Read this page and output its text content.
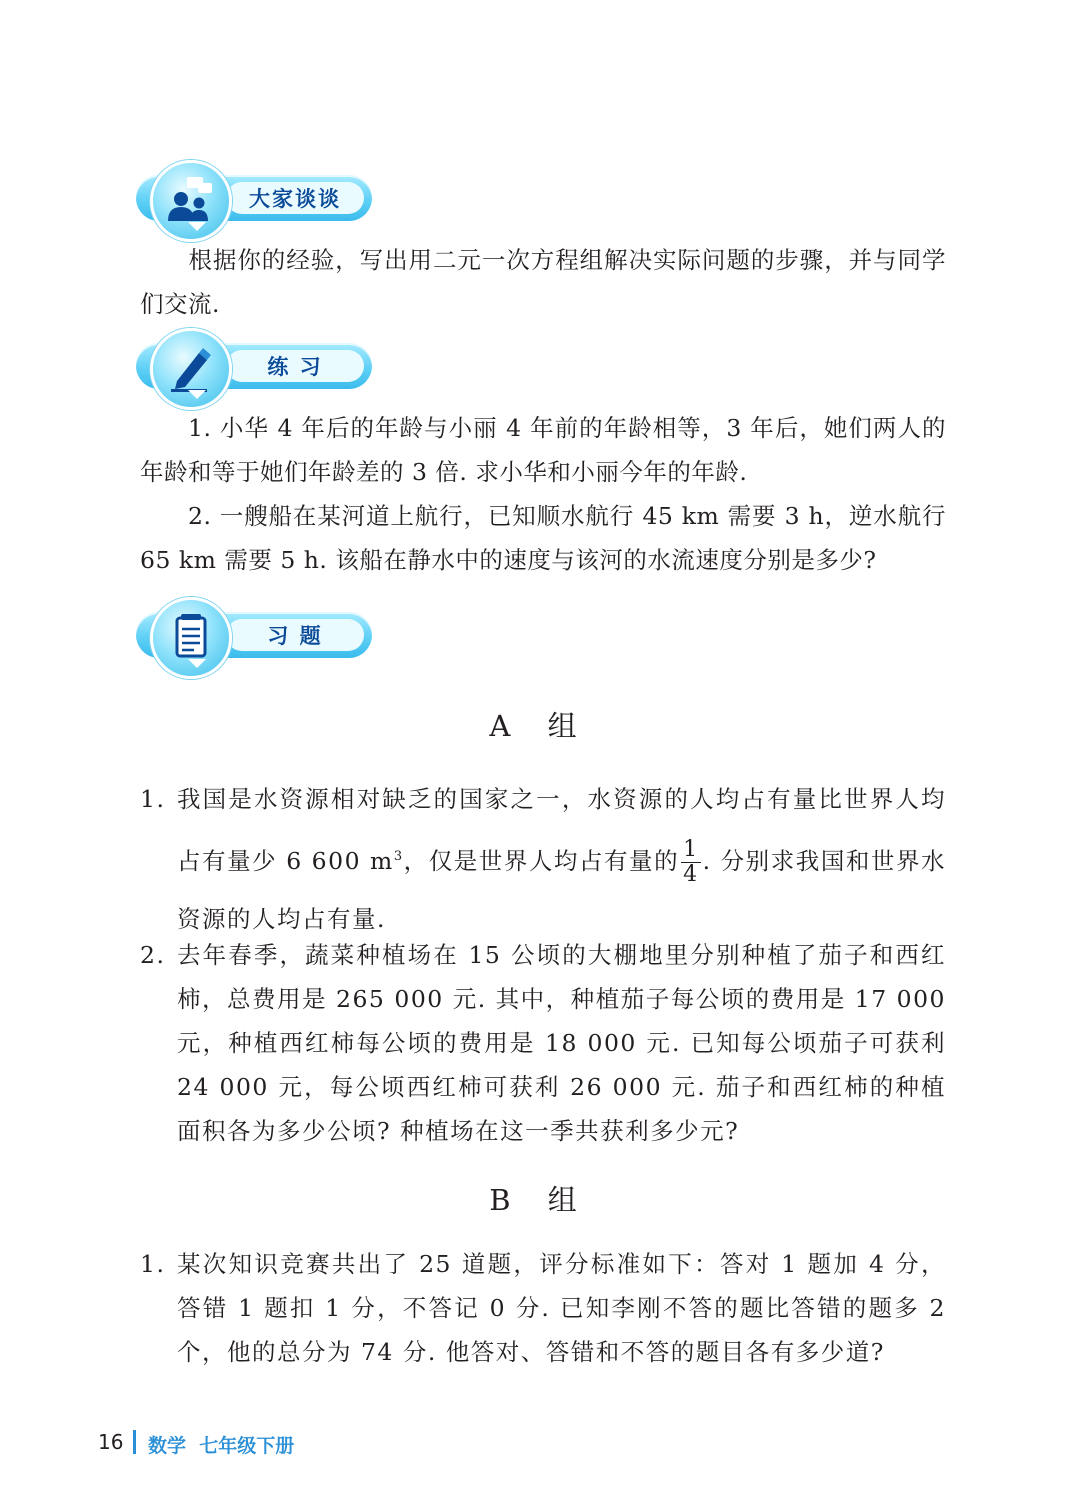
大家谈谈

根据你的经验，写出用二元一次方程组解决实际问题的步骤，并与同学们交流.

练 习

1. 小华 4 年后的年龄与小丽 4 年前的年龄相等，3 年后，她们两人的年龄和等于她们年龄差的 3 倍. 求小华和小丽今年的年龄.

2. 一艘船在某河道上航行，已知顺水航行 45 km 需要 3 h，逆水航行 65 km 需要 5 h. 该船在静水中的速度与该河的水流速度分别是多少?

习 题
A 组
1. 我国是水资源相对缺乏的国家之一，水资源的人均占有量比世界人均占有量少 6 600 $m^3$，仅是世界人均占有量的 $\frac{1}{4}$ . 分别求我国和世界水资源的人均占有量.
2. 去年春季，蔬菜种植场在 15 公顷的大棚地里分别种植了茄子和西红柿，总费用是 265 000 元. 其中，种植茄子每公顷的费用是 17 000 元，种植西红柿每公顷的费用是 18 000 元. 已知每公顷茄子可获利 24 000 元，每公顷西红柿可获利 26 000 元. 茄子和西红柿的种植面积各为多少公顷? 种植场在这一季共获利多少元?
B 组
1. 某次知识竞赛共出了 25 道题，评分标准如下：答对 1 题加 4 分，答错 1 题扣 1 分，不答记 0 分. 已知李刚不答的题比答错的题多 2 个，他的总分为 74 分. 他答对、答错和不答的题目各有多少道?
16 数学  七年级下册
